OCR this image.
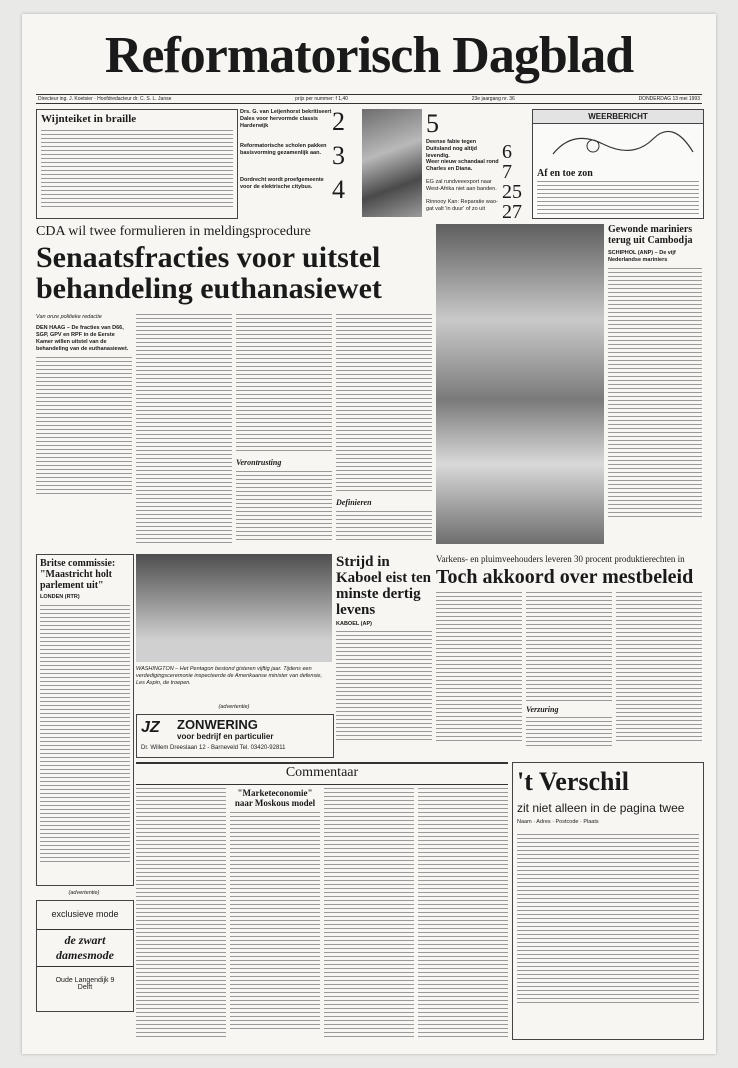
Reformatorisch Dagblad
Directeur ing. J. Koetsier · Hoofdredacteur dr. C. S. L. Janse	prijs per nummer: f 1,40	23e jaargang nr. 36	DONDERDAG 13 mei 1993
Wijnteiket in braille
Drs. G. van Leijenhorst bekritiseert Dales voor hervormde classis Harderwijk	2
Reformatorische scholen pakken basisvorming gezamenlijk aan. 3
Dordrecht wordt proefgemeente voor de elektrische citybus. 4
5
Deense fabie tegen Duitsland nog altijd levendig.	6
Weer nieuw schandaal rond Charles en Diana.	7
EG zal rundveeexport naar West-Afrika niet aan banden. 25
Rinnooy Kan: Reparatie wao-gat valt 'in duur' of zo uit 27
WEERBERICHT
Af en toe zon
CDA wil twee formulieren in meldingsprocedure
Senaatsfracties voor uitstel behandeling euthanasiewet
Van onze politieke redactie
DEN HAAG – De fracties van D66, SGP, GPV en RPF in de Eerste Kamer willen uitstel van de behandeling van de euthanasiewet.
Verontrusting
Definieren
Gewonde mariniers terug uit Cambodja
SCHIPHOL (ANP) – De vijf Nederlandse mariniers
Britse commissie: "Maastricht holt parlement uit"
LONDEN (RTR)
WASHINGTON – Het Pentagon bestond gisteren vijftig jaar. Tijdens een verdedigingsceremonie inspecteerde de Amerikaanse minister van defensie, Les Aspin, de troepen.
Strijd in Kaboel eist ten minste dertig levens
KABOEL (AP)
Varkens- en pluimveehouders leveren 30 procent produktierechten in
Toch akkoord over mestbeleid
Verzuring
(advertentie)
JZ ZONWERING
voor bedrijf en particulier
Dr. Willem Dreeslaan 12 - Barneveld Tel. 03420-92811
Commentaar
"Marketeconomie" naar Moskous model
(advertentie)
exclusieve mode
de zwart damesmode
Oude Langendijk 9
Delft
't Verschil
zit niet alleen in de pagina twee
Naam · Adres · Postcode · Plaats
